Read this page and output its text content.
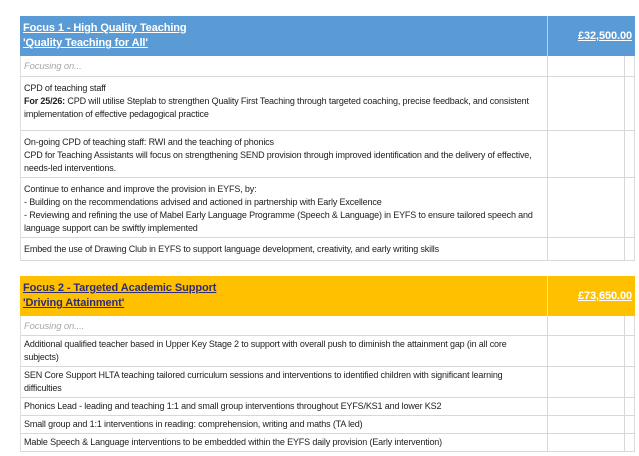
Focus 1 - High Quality Teaching
'Quality Teaching for All'
£32,500.00
Focusing on...
CPD of teaching staff
For 25/26: CPD will utilise Steplab to strengthen Quality First Teaching through targeted coaching, precise feedback, and consistent implementation of effective pedagogical practice
On-going CPD of teaching staff: RWI and the teaching of phonics
CPD for Teaching Assistants will focus on strengthening SEND provision through improved identification and the delivery of effective, needs-led interventions.
Continue to enhance and improve the provision in EYFS, by:
- Building on the recommendations advised and actioned in partnership with Early Excellence
- Reviewing and refining the use of Mabel Early Language Programme (Speech & Language) in EYFS to ensure tailored speech and language support can be swiftly implemented
Embed the use of Drawing Club in EYFS to support language development, creativity, and early writing skills
Focus 2 - Targeted Academic Support
'Driving Attainment'
£73,650.00
Focusing on....
Additional qualified teacher based in Upper Key Stage 2 to support with overall push to diminish the attainment gap (in all core subjects)
SEN Core Support HLTA teaching tailored curriculum sessions and interventions to identified children with significant learning difficulties
Phonics Lead - leading and teaching 1:1 and small group interventions throughout EYFS/KS1 and lower KS2
Small group and 1:1 interventions in reading: comprehension, writing and maths (TA led)
Mable Speech & Language interventions to be embedded within the EYFS daily provision (Early intervention)
